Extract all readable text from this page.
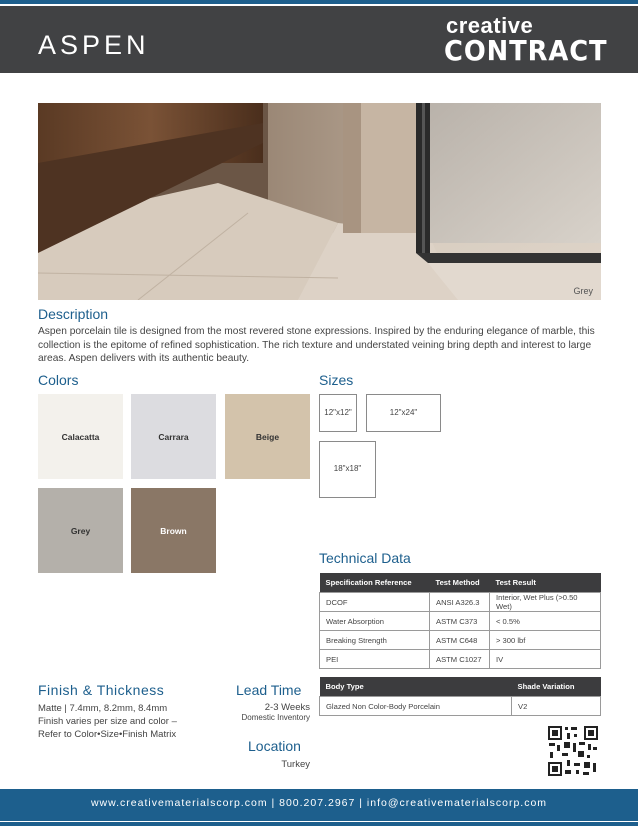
ASPEN
creative
CONTRACT
Grey
Description
Aspen porcelain tile is designed from the most revered stone expressions. Inspired by the enduring elegance of marble, this collection is the epitome of refined sophistication. The rich texture and understated veining bring depth and interest to large areas. Aspen delivers with its authentic beauty.
Colors
Calacatta	Carrara	Beige
Grey	Brown
Sizes
12"x12"	12"x24"
18"x18"
Technical Data
Specification Reference	Test Method	Test Result
DCOF	ANSI A326.3	Interior, Wet Plus (>0.50 Wet)
Water Absorption	ASTM C373	< 0.5%
Breaking Strength	ASTM C648	> 300 lbf
PEI	ASTM C1027	IV
Body Type	Shade Variation
Glazed Non Color-Body Porcelain	V2
Finish & Thickness
Matte | 7.4mm, 8.2mm, 8.4mm
Finish varies per size and color –
Refer to Color•Size•Finish Matrix
Lead Time
2-3 Weeks
Domestic Inventory
Location
Turkey
www.creativematerialscorp.com | 800.207.2967 | info@creativematerialscorp.com
